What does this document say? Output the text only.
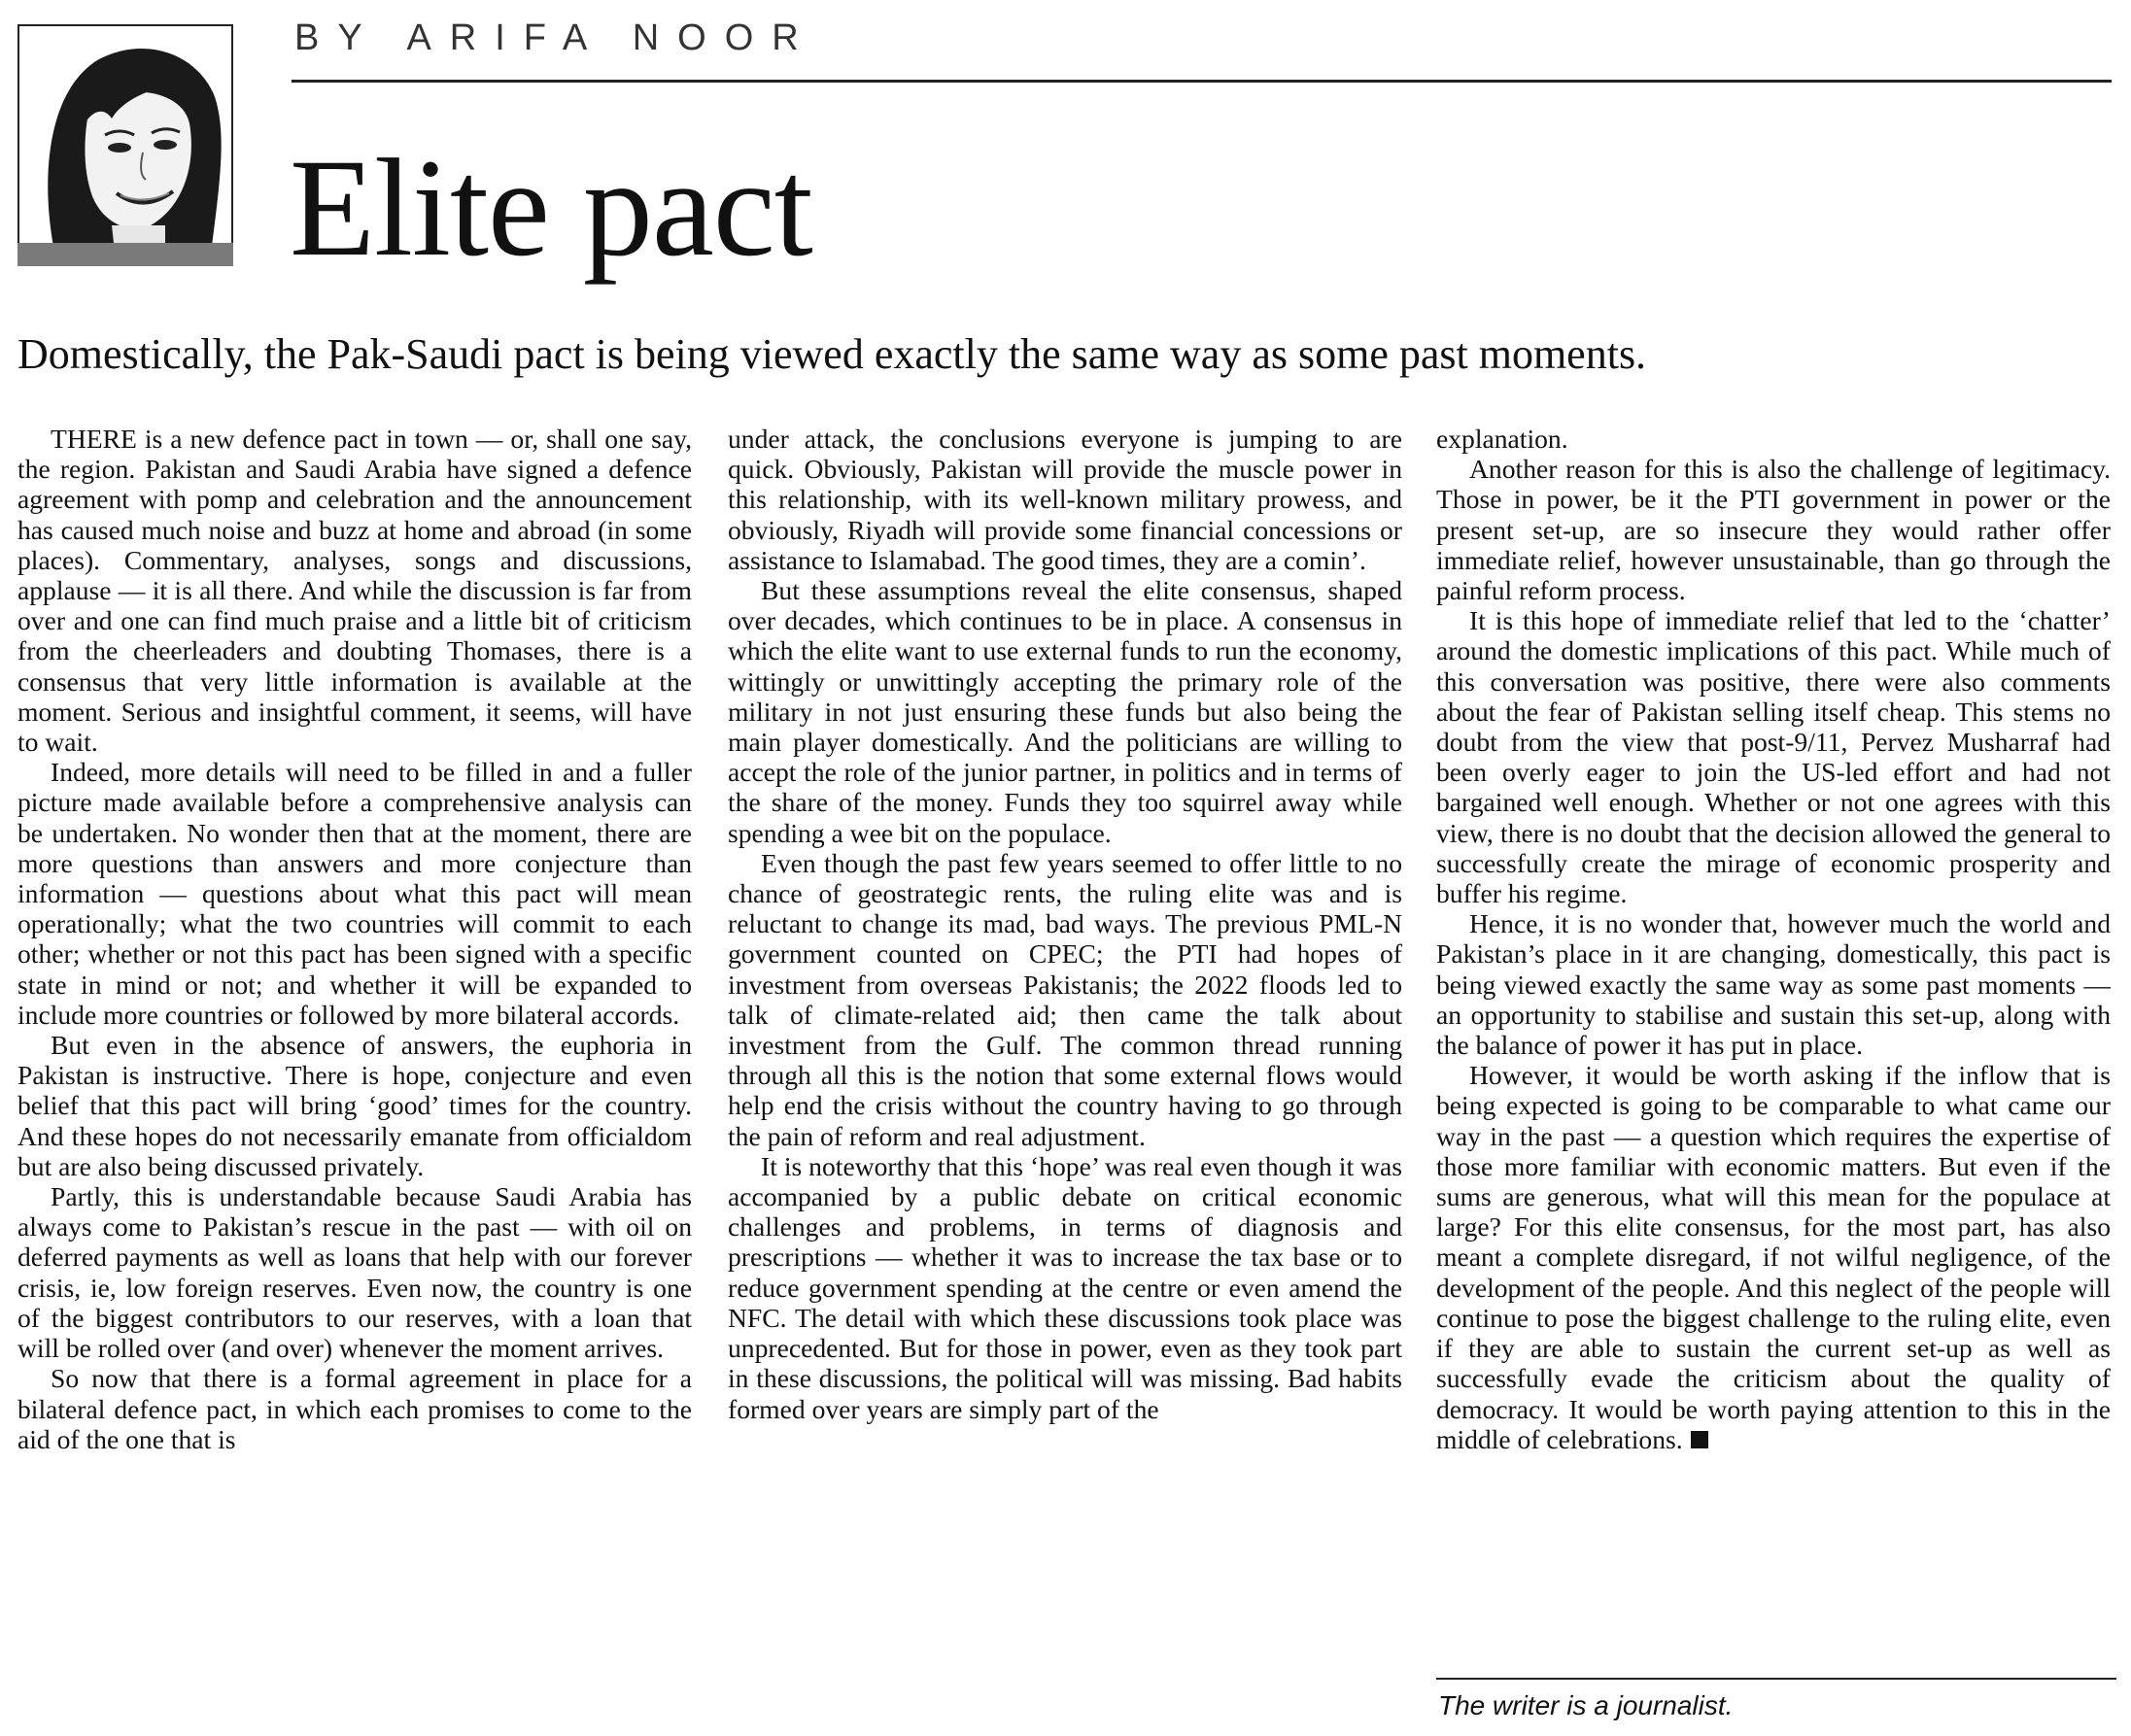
BY ARIFA NOOR
Elite pact
Domestically, the Pak-Saudi pact is being viewed exactly the same way as some past moments.

THERE is a new defence pact in town — or, shall one say, the region. Pakistan and Saudi Arabia have signed a defence agreement with pomp and celebration and the announcement has caused much noise and buzz at home and abroad (in some places). Commentary, analyses, songs and discussions, applause — it is all there. And while the discussion is far from over and one can find much praise and a little bit of criticism from the cheerleaders and doubting Thomases, there is a consensus that very little information is available at the moment. Serious and insightful comment, it seems, will have to wait.

Indeed, more details will need to be filled in and a fuller picture made available before a comprehensive analysis can be undertaken. No wonder then that at the moment, there are more questions than answers and more conjecture than information — questions about what this pact will mean operationally; what the two countries will commit to each other; whether or not this pact has been signed with a specific state in mind or not; and whether it will be expanded to include more countries or followed by more bilateral accords.

But even in the absence of answers, the euphoria in Pakistan is instructive. There is hope, conjecture and even belief that this pact will bring ‘good’ times for the country. And these hopes do not necessarily emanate from officialdom but are also being discussed privately.

Partly, this is understandable because Saudi Arabia has always come to Pakistan’s rescue in the past — with oil on deferred payments as well as loans that help with our forever crisis, ie, low foreign reserves. Even now, the country is one of the biggest contributors to our reserves, with a loan that will be rolled over (and over) whenever the moment arrives.

So now that there is a formal agreement in place for a bilateral defence pact, in which each promises to come to the aid of the one that is

under attack, the conclusions everyone is jumping to are quick. Obviously, Pakistan will provide the muscle power in this relationship, with its well-known military prowess, and obviously, Riyadh will provide some financial concessions or assistance to Islamabad. The good times, they are a comin’.

But these assumptions reveal the elite consensus, shaped over decades, which continues to be in place. A consensus in which the elite want to use external funds to run the economy, wittingly or unwittingly accepting the primary role of the military in not just ensuring these funds but also being the main player domestically. And the politicians are willing to accept the role of the junior partner, in politics and in terms of the share of the money. Funds they too squirrel away while spending a wee bit on the populace.

Even though the past few years seemed to offer little to no chance of geostrategic rents, the ruling elite was and is reluctant to change its mad, bad ways. The previous PML-N government counted on CPEC; the PTI had hopes of investment from overseas Pakistanis; the 2022 floods led to talk of climate-related aid; then came the talk about investment from the Gulf. The common thread running through all this is the notion that some external flows would help end the crisis without the country having to go through the pain of reform and real adjustment.

It is noteworthy that this ‘hope’ was real even though it was accompanied by a public debate on critical economic challenges and problems, in terms of diagnosis and prescriptions — whether it was to increase the tax base or to reduce government spending at the centre or even amend the NFC. The detail with which these discussions took place was unprecedented. But for those in power, even as they took part in these discussions, the political will was missing. Bad habits formed over years are simply part of the

explanation.

Another reason for this is also the challenge of legitimacy. Those in power, be it the PTI government in power or the present set-up, are so insecure they would rather offer immediate relief, however unsustainable, than go through the painful reform process.

It is this hope of immediate relief that led to the ‘chatter’ around the domestic implications of this pact. While much of this conversation was positive, there were also comments about the fear of Pakistan selling itself cheap. This stems no doubt from the view that post-9/11, Pervez Musharraf had been overly eager to join the US-led effort and had not bargained well enough. Whether or not one agrees with this view, there is no doubt that the decision allowed the general to successfully create the mirage of economic prosperity and buffer his regime.

Hence, it is no wonder that, however much the world and Pakistan’s place in it are changing, domestically, this pact is being viewed exactly the same way as some past moments — an opportunity to stabilise and sustain this set-up, along with the balance of power it has put in place.

However, it would be worth asking if the inflow that is being expected is going to be comparable to what came our way in the past — a question which requires the expertise of those more familiar with economic matters. But even if the sums are generous, what will this mean for the populace at large? For this elite consensus, for the most part, has also meant a complete disregard, if not wilful negligence, of the development of the people. And this neglect of the people will continue to pose the biggest challenge to the ruling elite, even if they are able to sustain the current set-up as well as successfully evade the criticism about the quality of democracy. It would be worth paying attention to this in the middle of celebrations.

The writer is a journalist.
